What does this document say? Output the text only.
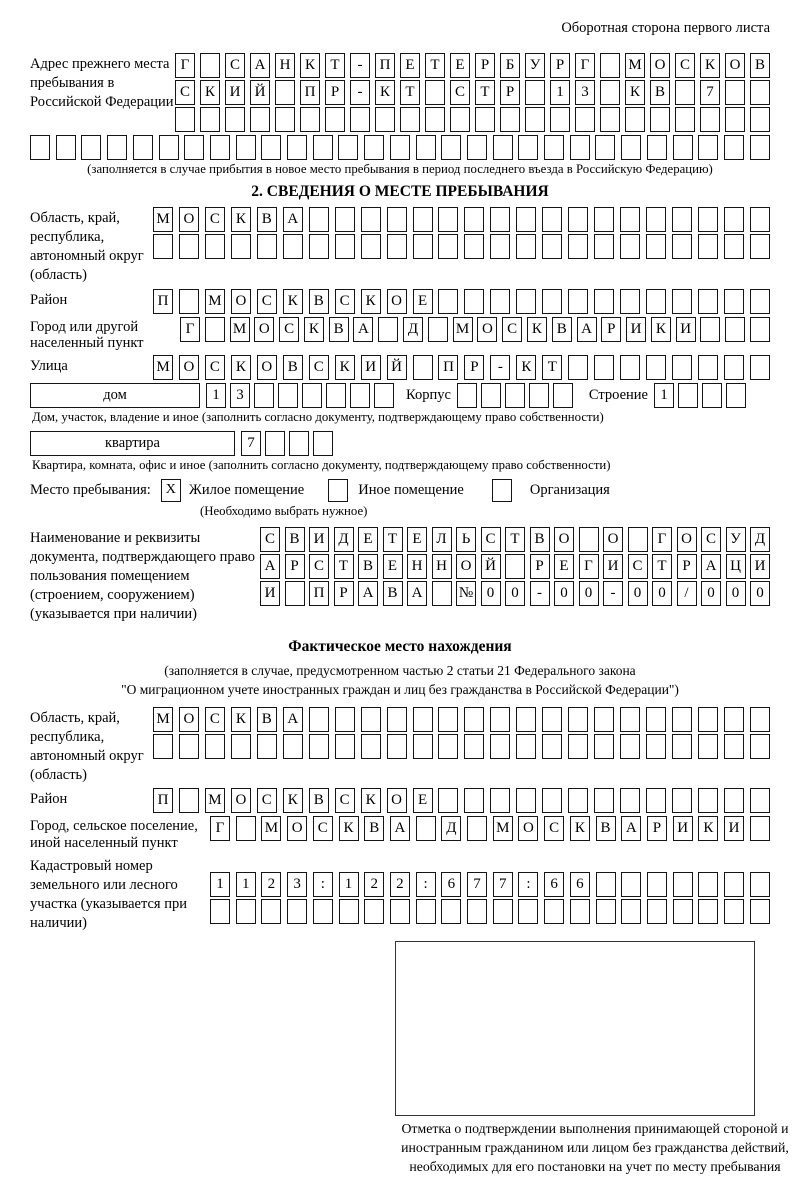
Оборотная сторона первого листа
Адрес прежнего места пребывания в Российской Федерации
Г	С А Н К	Т	-	П Е	Т	Е	Р	Б	У	Р	Г	М О С К О В
С К И Й	П	Р	-	К	Т	С	Т	Р	1	3	К В	7
(заполняется в случае прибытия в новое место пребывания в период последнего въезда в Российскую Федерацию)
2. СВЕДЕНИЯ О МЕСТЕ ПРЕБЫВАНИЯ
Область, край, республика, автономный округ (область)
М О	С	К	В	А
Район	П	М О	С	К	В	С	К	О	Е
Город или другой населенный пункт
Г	М О С К В А	Д	М О С К В А	Р	И К И
Улица	М О	С	К	О	В	С	К	И	Й	П	Р	-	К	Т
дом	1	3	Корпус	Строение 1
Дом, участок, владение и иное (заполнить согласно документу, подтверждающему право собственности)
квартира	7
Квартира, комната, офис и иное (заполнить согласно документу, подтверждающему право собственности)
Место пребывания:	X Жилое помещение	Иное помещение	Организация
(Необходимо выбрать нужное)
Наименование и реквизиты документа, подтверждающего право пользования помещением (строением, сооружением) (указывается при наличии)
С В И Д Е	Т	Е Л	Ь	С Т В О	О	Г О С У Д
А Р	С Т В Е Н Н О Й	Р	Е	Г И С Т	Р А Ц И
И	П Р А В А	№ 0	0	-	0	0	-	0	0	/	0	0	0
Фактическое место нахождения
(заполняется в случае, предусмотренном частью 2 статьи 21 Федерального закона
"О миграционном учете иностранных граждан и лиц без гражданства в Российской Федерации")
Область, край, республика, автономный округ (область)
М О	С	К	В	А
Район	П	М О	С	К	В	С	К	О	Е
Город, сельское поселение, иной населенный пункт
Г	М О	С	К	В	А	Д	М О	С	К	В	А	Р	И	К	И
Кадастровый номер земельного или лесного участка (указывается при наличии)
1	1	2	3	:	1	2	2	:	6	7	7	:	6	6
Отметка о подтверждении выполнения принимающей стороной и иностранным гражданином или лицом без гражданства действий, необходимых для его постановки на учет по месту пребывания
